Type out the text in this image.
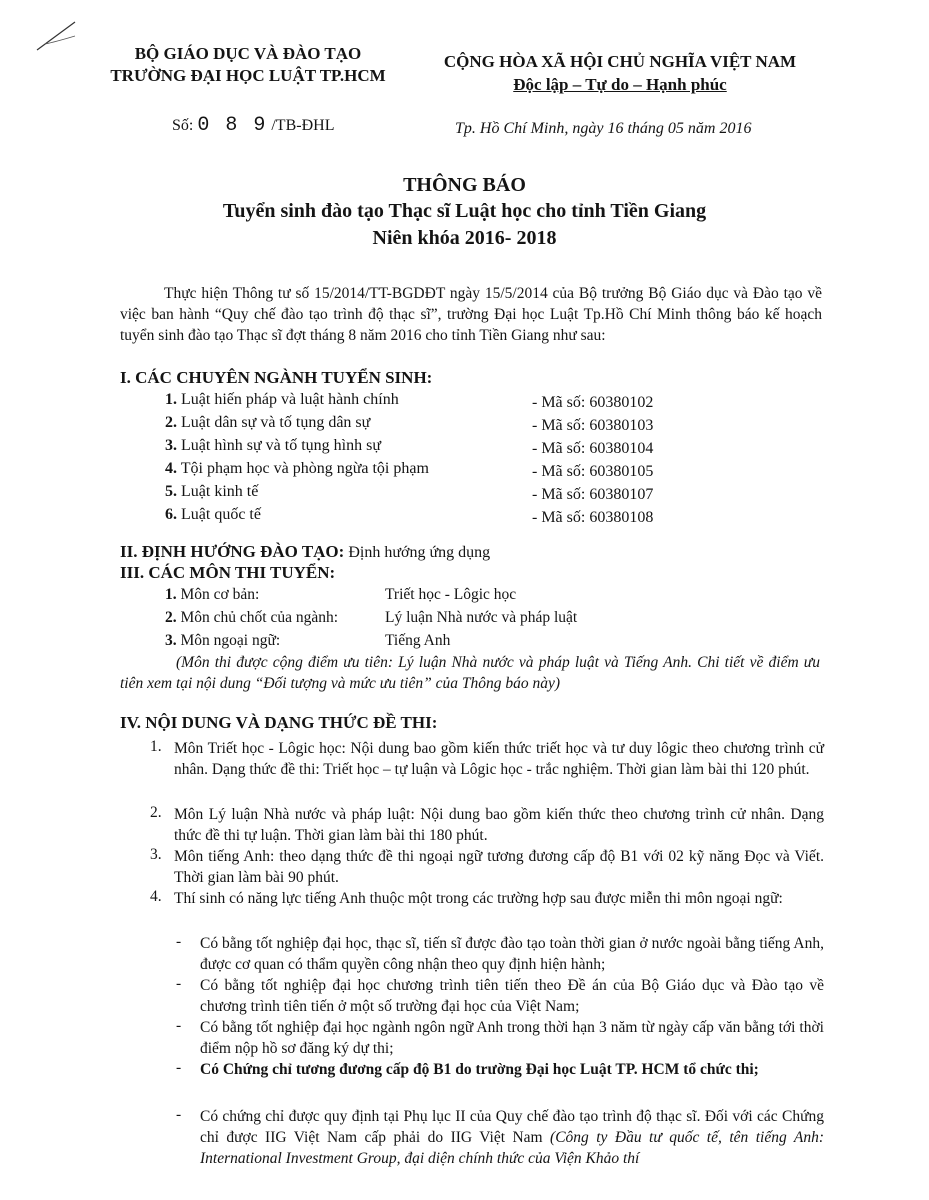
BỘ GIÁO DỤC VÀ ĐÀO TẠO
TRƯỜNG ĐẠI HỌC LUẬT TP.HCM
CỘNG HÒA XÃ HỘI CHỦ NGHĨA VIỆT NAM
Độc lập – Tự do – Hạnh phúc
Số: 0 8 9 /TB-ĐHL	Tp. Hồ Chí Minh, ngày 16 tháng 05 năm 2016
THÔNG BÁO
Tuyển sinh đào tạo Thạc sĩ Luật học cho tỉnh Tiền Giang
Niên khóa 2016- 2018
Thực hiện Thông tư số 15/2014/TT-BGDĐT ngày 15/5/2014 của Bộ trưởng Bộ Giáo dục và Đào tạo về việc ban hành “Quy chế đào tạo trình độ thạc sĩ”, trường Đại học Luật Tp.Hồ Chí Minh thông báo kế hoạch tuyển sinh đào tạo Thạc sĩ đợt tháng 8 năm 2016 cho tỉnh Tiền Giang như sau:
I. CÁC CHUYÊN NGÀNH TUYỂN SINH:
1. Luật hiến pháp và luật hành chính	- Mã số: 60380102
2. Luật dân sự và tố tụng dân sự	- Mã số: 60380103
3. Luật hình sự và tố tụng hình sự	- Mã số: 60380104
4. Tội phạm học và phòng ngừa tội phạm	- Mã số: 60380105
5. Luật kinh tế	- Mã số: 60380107
6. Luật quốc tế	- Mã số: 60380108
II. ĐỊNH HƯỚNG ĐÀO TẠO: Định hướng ứng dụng
III. CÁC MÔN THI TUYỂN:
1. Môn cơ bản:	Triết học - Lôgic học
2. Môn chủ chốt của ngành:	Lý luận Nhà nước và pháp luật
3. Môn ngoại ngữ:	Tiếng Anh
(Môn thi được cộng điểm ưu tiên: Lý luận Nhà nước và pháp luật và Tiếng Anh. Chi tiết về điểm ưu tiên xem tại nội dung “Đối tượng và mức ưu tiên” của Thông báo này)
IV. NỘI DUNG VÀ DẠNG THỨC ĐỀ THI:
1. Môn Triết học - Lôgic học: Nội dung bao gồm kiến thức triết học và tư duy lôgic theo chương trình cử nhân. Dạng thức đề thi: Triết học – tự luận và Lôgic học - trắc nghiệm. Thời gian làm bài thi 120 phút.
2. Môn Lý luận Nhà nước và pháp luật: Nội dung bao gồm kiến thức theo chương trình cử nhân. Dạng thức đề thi tự luận. Thời gian làm bài thi 180 phút.
3. Môn tiếng Anh: theo dạng thức đề thi ngoại ngữ tương đương cấp độ B1 với 02 kỹ năng Đọc và Viết. Thời gian làm bài 90 phút.
4. Thí sinh có năng lực tiếng Anh thuộc một trong các trường hợp sau được miễn thi môn ngoại ngữ:
- Có bằng tốt nghiệp đại học, thạc sĩ, tiến sĩ được đào tạo toàn thời gian ở nước ngoài bằng tiếng Anh, được cơ quan có thẩm quyền công nhận theo quy định hiện hành;
- Có bằng tốt nghiệp đại học chương trình tiên tiến theo Đề án của Bộ Giáo dục và Đào tạo về chương trình tiên tiến ở một số trường đại học của Việt Nam;
- Có bằng tốt nghiệp đại học ngành ngôn ngữ Anh trong thời hạn 3 năm từ ngày cấp văn bằng tới thời điểm nộp hồ sơ đăng ký dự thi;
- Có Chứng chỉ tương đương cấp độ B1 do trường Đại học Luật TP. HCM tổ chức thi;
- Có chứng chỉ được quy định tại Phụ lục II của Quy chế đào tạo trình độ thạc sĩ. Đối với các Chứng chỉ được IIG Việt Nam cấp phải do IIG Việt Nam (Công ty Đầu tư quốc tế, tên tiếng Anh: International Investment Group, đại diện chính thức của Viện Khảo thí
